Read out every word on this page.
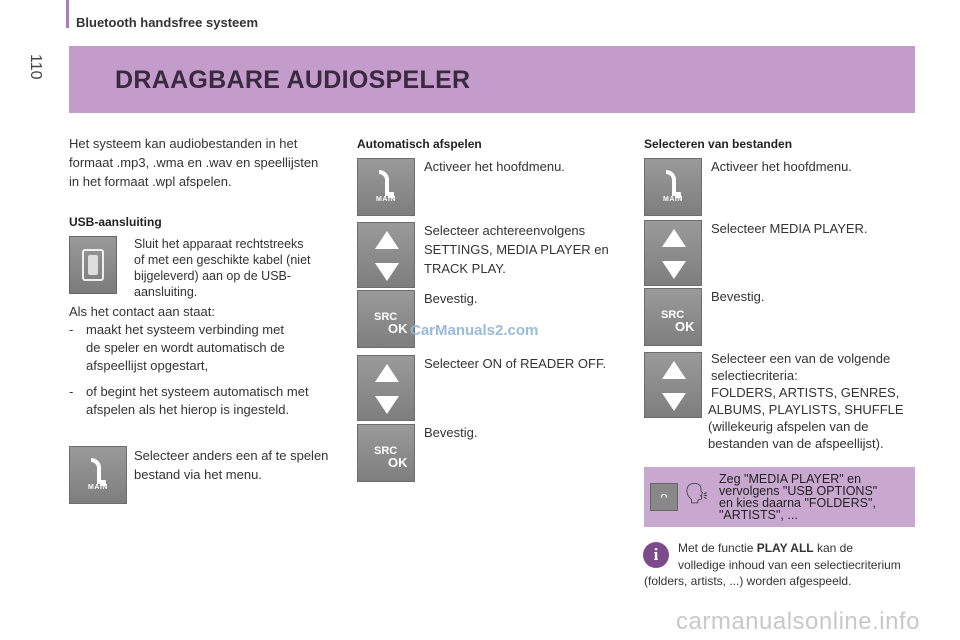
Bluetooth handsfree systeem
110	DRAAGBARE AUDIOSPELER
Het systeem kan audiobestanden in het
formaat .mp3, .wma en .wav en speellijsten
in het formaat .wpl afspelen.
USB-aansluiting
Sluit het apparaat rechtstreeks
of met een geschikte kabel (niet
bijgeleverd) aan op de USB-
aansluiting.
Als het contact aan staat:
- maakt het systeem verbinding met
de speler en wordt automatisch de
afspeellijst opgestart,
- of begint het systeem automatisch met
afspelen als het hierop is ingesteld.
MAIN
Selecteer anders een af te spelen
bestand via het menu.
Automatisch afspelen
MAIN
Activeer het hoofdmenu.
Selecteer achtereenvolgens
SETTINGS, MEDIA PLAYER en
TRACK PLAY.
SRC
OK
Bevestig.
Selecteer ON of READER OFF.
SRC
OK
Bevestig.
Selecteren van bestanden
MAIN
Activeer het hoofdmenu.
Selecteer MEDIA PLAYER.
SRC
OK
Bevestig.
Selecteer een van de volgende
selectiecriteria:
FOLDERS, ARTISTS, GENRES,
ALBUMS, PLAYLISTS, SHUFFLE
(willekeurig afspelen van de
bestanden van de afspeellijst).
ᴖ 🗣
Zeg "MEDIA PLAYER" en
vervolgens "USB OPTIONS"
en kies daarna "FOLDERS",
"ARTISTS", ...
i	Met de functie PLAY ALL kan de
volledige inhoud van een selectiecriterium
(folders, artists, ...) worden afgespeeld.
CarManuals2.com
carmanualsonline.info
